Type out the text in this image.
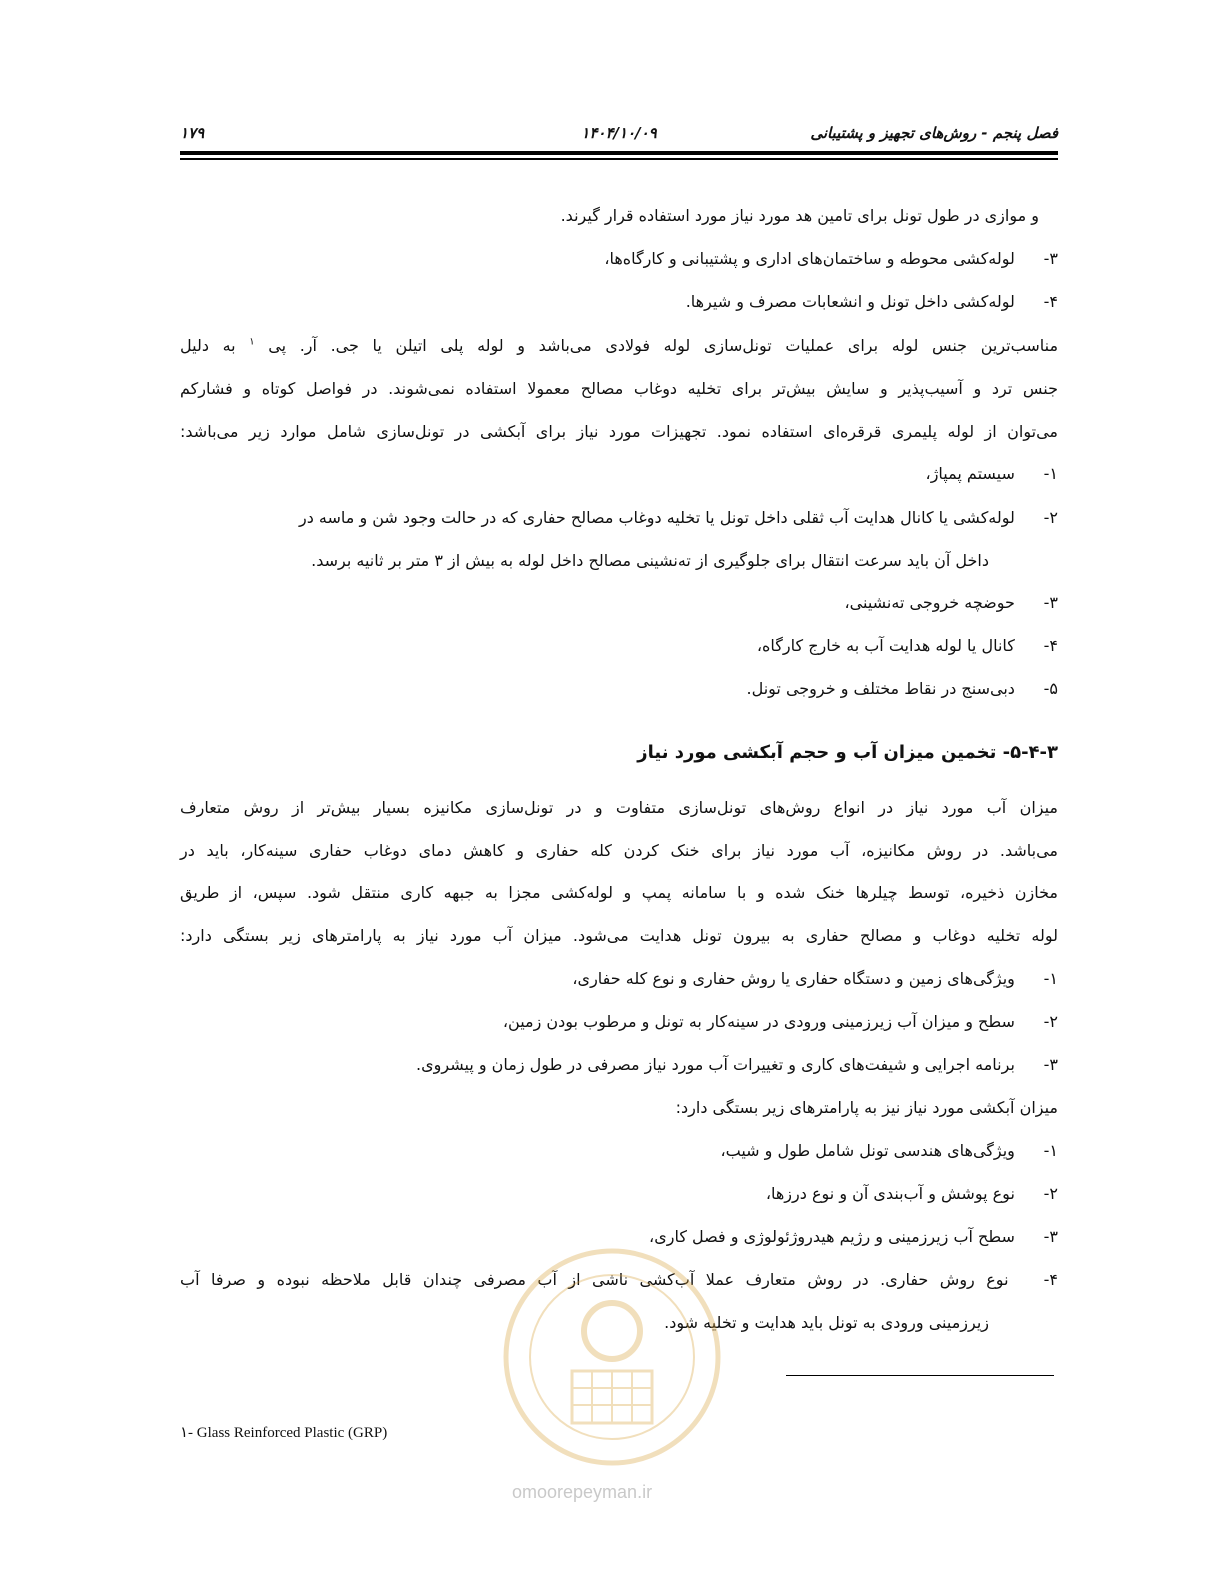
فصل پنجم - روش‌های تجهیز و پشتیبانی
۱۴۰۴/۱۰/۰۹
۱۷۹
و موازی در طول تونل برای تامین هد مورد نیاز مورد استفاده قرار گیرند.
۳- لوله‌کشی محوطه و ساختمان‌های اداری و پشتیبانی و کارگاه‌ها،
۴- لوله‌کشی داخل تونل و انشعابات مصرف و شیرها.
مناسب‌ترین جنس لوله برای عملیات تونل‌سازی لوله فولادی می‌باشد و لوله پلی اتیلن یا جی. آر. پی $^۱$ به دلیل
جنس ترد و آسیب‌پذیر و سایش بیش‌تر برای تخلیه دوغاب مصالح معمولا استفاده نمی‌شوند. در فواصل کوتاه و فشارکم
می‌توان از لوله پلیمری قرقره‌ای استفاده نمود. تجهیزات مورد نیاز برای آبکشی در تونل‌سازی شامل موارد زیر می‌باشد:
۱- سیستم پمپاژ،
۲- لوله‌کشی یا کانال هدایت آب ثقلی داخل تونل یا تخلیه دوغاب مصالح حفاری که در حالت وجود شن و ماسه در
داخل آن باید سرعت انتقال برای جلوگیری از ته‌نشینی مصالح داخل لوله به بیش از ۳ متر بر ثانیه برسد.
۳- حوضچه خروجی ته‌نشینی،
۴- کانال یا لوله هدایت آب به خارج کارگاه،
۵- دبی‌سنج در نقاط مختلف و خروجی تونل.
۵-۴-۳- تخمین میزان آب و حجم آبکشی مورد نیاز
میزان آب مورد نیاز در انواع روش‌های تونل‌سازی متفاوت و در تونل‌سازی مکانیزه بسیار بیش‌تر از روش متعارف
می‌باشد. در روش مکانیزه، آب مورد نیاز برای خنک کردن کله حفاری و کاهش دمای دوغاب حفاری سینه‌کار، باید در
مخازن ذخیره، توسط چیلرها خنک شده و با سامانه پمپ و لوله‌کشی مجزا به جبهه کاری منتقل شود. سپس، از طریق
لوله تخلیه دوغاب و مصالح حفاری به بیرون تونل هدایت می‌شود. میزان آب مورد نیاز به پارامترهای زیر بستگی دارد:
۱- ویژگی‌های زمین و دستگاه حفاری یا روش حفاری و نوع کله حفاری،
۲- سطح و میزان آب زیرزمینی ورودی در سینه‌کار به تونل و مرطوب بودن زمین،
۳- برنامه اجرایی و شیفت‌های کاری و تغییرات آب مورد نیاز مصرفی در طول زمان و پیشروی.
میزان آبکشی مورد نیاز نیز به پارامترهای زیر بستگی دارد:
۱- ویژگی‌های هندسی تونل شامل طول و شیب،
۲- نوع پوشش و آب‌بندی آن و نوع درزها،
۳- سطح آب زیرزمینی و رژیم هیدروژئولوژی و فصل کاری،
۴- نوع روش حفاری. در روش متعارف عملا آب‌کشی ناشی از آب مصرفی چندان قابل ملاحظه نبوده و صرفا آب
زیرزمینی ورودی به تونل باید هدایت و تخلیه شود.
۱- Glass Reinforced Plastic (GRP)
omoorepeyman.ir
